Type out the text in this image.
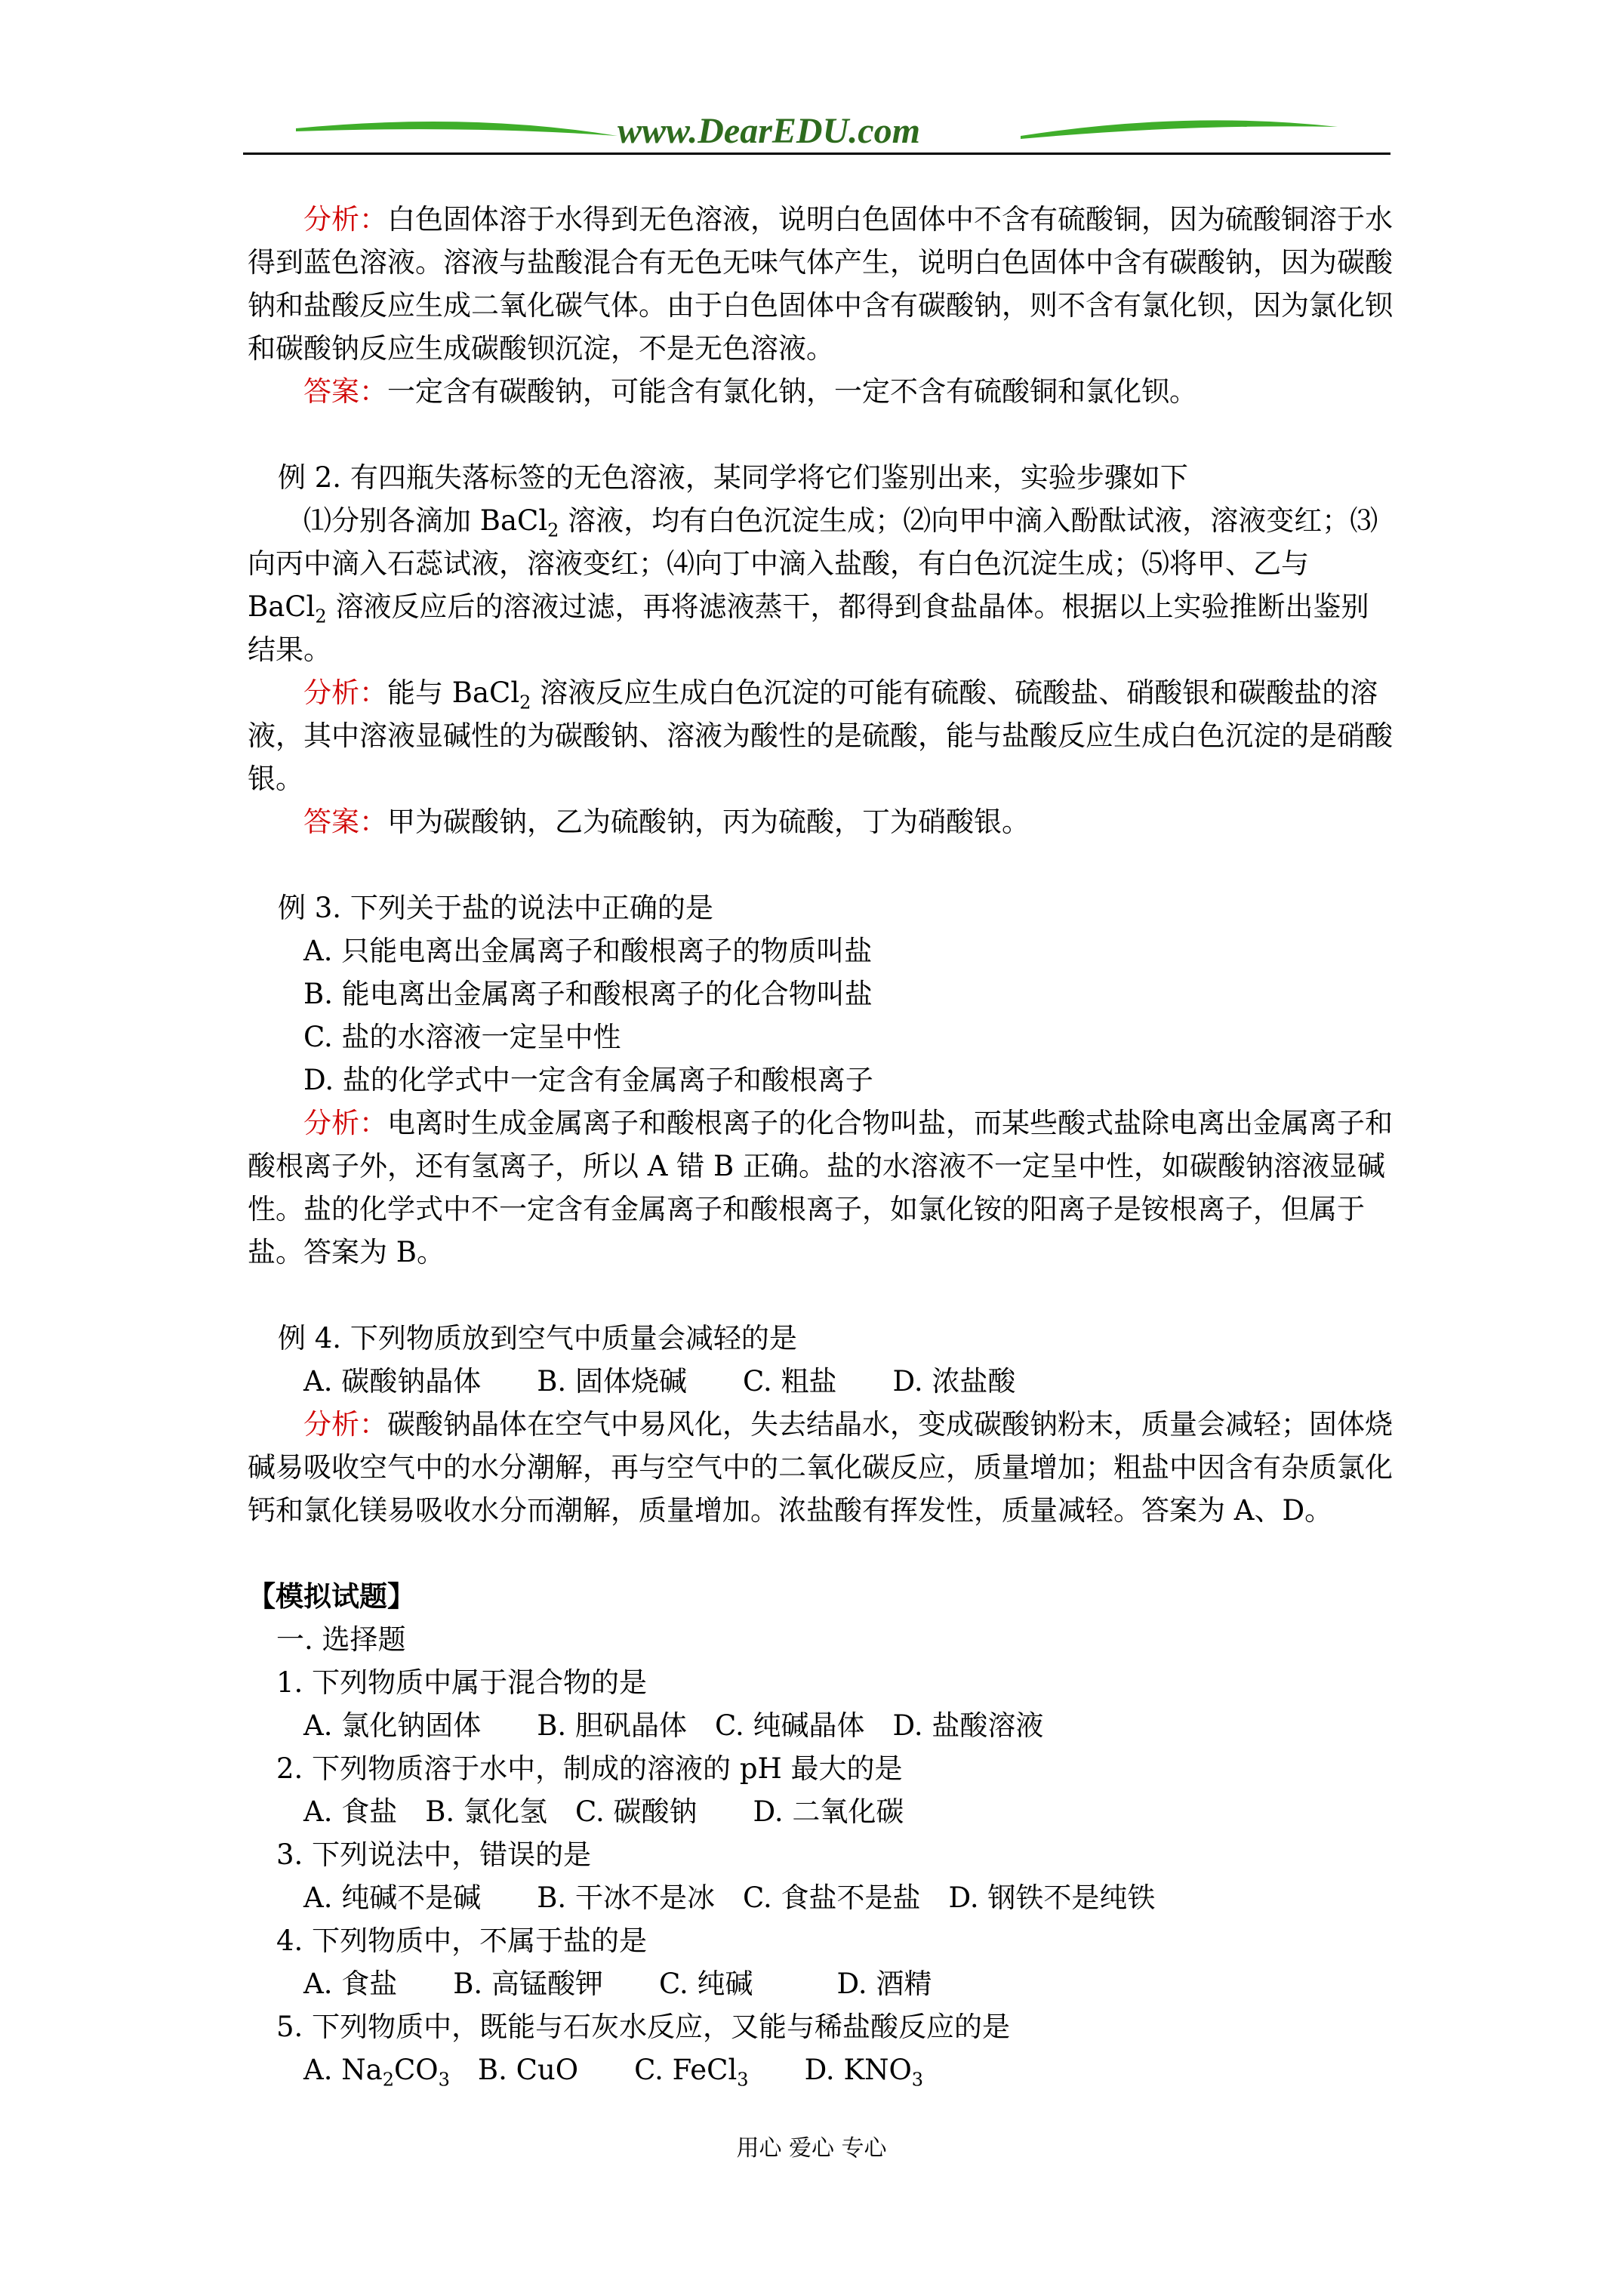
www.DearEDU.com

分析：白色固体溶于水得到无色溶液，说明白色固体中不含有硫酸铜，因为硫酸铜溶于水得到蓝色溶液。溶液与盐酸混合有无色无味气体产生，说明白色固体中含有碳酸钠，因为碳酸钠和盐酸反应生成二氧化碳气体。由于白色固体中含有碳酸钠，则不含有氯化钡，因为氯化钡和碳酸钠反应生成碳酸钡沉淀，不是无色溶液。

答案：一定含有碳酸钠，可能含有氯化钠，一定不含有硫酸铜和氯化钡。

例 2. 有四瓶失落标签的无色溶液，某同学将它们鉴别出来，实验步骤如下

⑴分别各滴加 BaCl$_2$ 溶液，均有白色沉淀生成；⑵向甲中滴入酚酞试液，溶液变红；⑶向丙中滴入石蕊试液，溶液变红；⑷向丁中滴入盐酸，有白色沉淀生成；⑸将甲、乙与 BaCl$_2$ 溶液反应后的溶液过滤，再将滤液蒸干，都得到食盐晶体。根据以上实验推断出鉴别结果。

分析：能与 BaCl$_2$ 溶液反应生成白色沉淀的可能有硫酸、硫酸盐、硝酸银和碳酸盐的溶液，其中溶液显碱性的为碳酸钠、溶液为酸性的是硫酸，能与盐酸反应生成白色沉淀的是硝酸银。

答案：甲为碳酸钠，乙为硫酸钠，丙为硫酸，丁为硝酸银。

例 3. 下列关于盐的说法中正确的是

A. 只能电离出金属离子和酸根离子的物质叫盐

B. 能电离出金属离子和酸根离子的化合物叫盐

C. 盐的水溶液一定呈中性

D. 盐的化学式中一定含有金属离子和酸根离子

分析：电离时生成金属离子和酸根离子的化合物叫盐，而某些酸式盐除电离出金属离子和酸根离子外，还有氢离子，所以 A 错 B 正确。盐的水溶液不一定呈中性，如碳酸钠溶液显碱性。盐的化学式中不一定含有金属离子和酸根离子，如氯化铵的阳离子是铵根离子，但属于盐。答案为 B。

例 4. 下列物质放到空气中质量会减轻的是

A. 碳酸钠晶体　　B. 固体烧碱　　C. 粗盐　　D. 浓盐酸

分析：碳酸钠晶体在空气中易风化，失去结晶水，变成碳酸钠粉末，质量会减轻；固体烧碱易吸收空气中的水分潮解，再与空气中的二氧化碳反应，质量增加；粗盐中因含有杂质氯化钙和氯化镁易吸收水分而潮解，质量增加。浓盐酸有挥发性，质量减轻。答案为 A、D。

【模拟试题】

一. 选择题

1. 下列物质中属于混合物的是

A. 氯化钠固体　　B. 胆矾晶体　C. 纯碱晶体　D. 盐酸溶液

2. 下列物质溶于水中，制成的溶液的 pH 最大的是

A. 食盐　B. 氯化氢　C. 碳酸钠　　D. 二氧化碳

3. 下列说法中，错误的是

A. 纯碱不是碱　　B. 干冰不是冰　C. 食盐不是盐　D. 钢铁不是纯铁

4. 下列物质中，不属于盐的是

A. 食盐　　B. 高锰酸钾　　C. 纯碱　　　D. 酒精

5. 下列物质中，既能与石灰水反应，又能与稀盐酸反应的是

A. $Na_2CO_3$　B. CuO　　C. FeCl$_3$　　D. $KNO_3$

用心 爱心 专心
